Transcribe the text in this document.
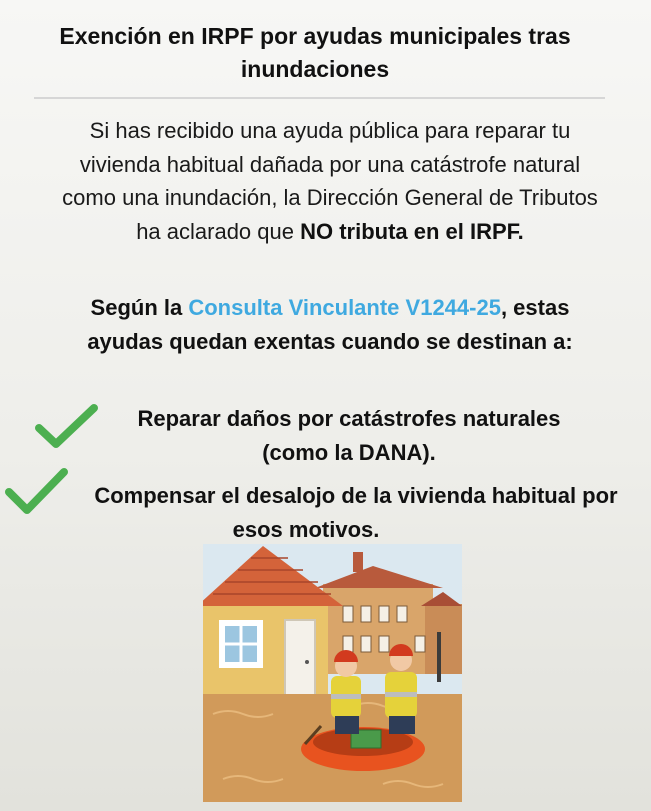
Exención en IRPF por ayudas municipales tras inundaciones
Si has recibido una ayuda pública para reparar tu vivienda habitual dañada por una catástrofe natural como una inundación, la Dirección General de Tributos ha aclarado que NO tributa en el IRPF.
Según la Consulta Vinculante V1244-25, estas ayudas quedan exentas cuando se destinan a:
Reparar daños por catástrofes naturales
(como la DANA).
Compensar el desalojo de la vivienda habitual por
esos motivos.
